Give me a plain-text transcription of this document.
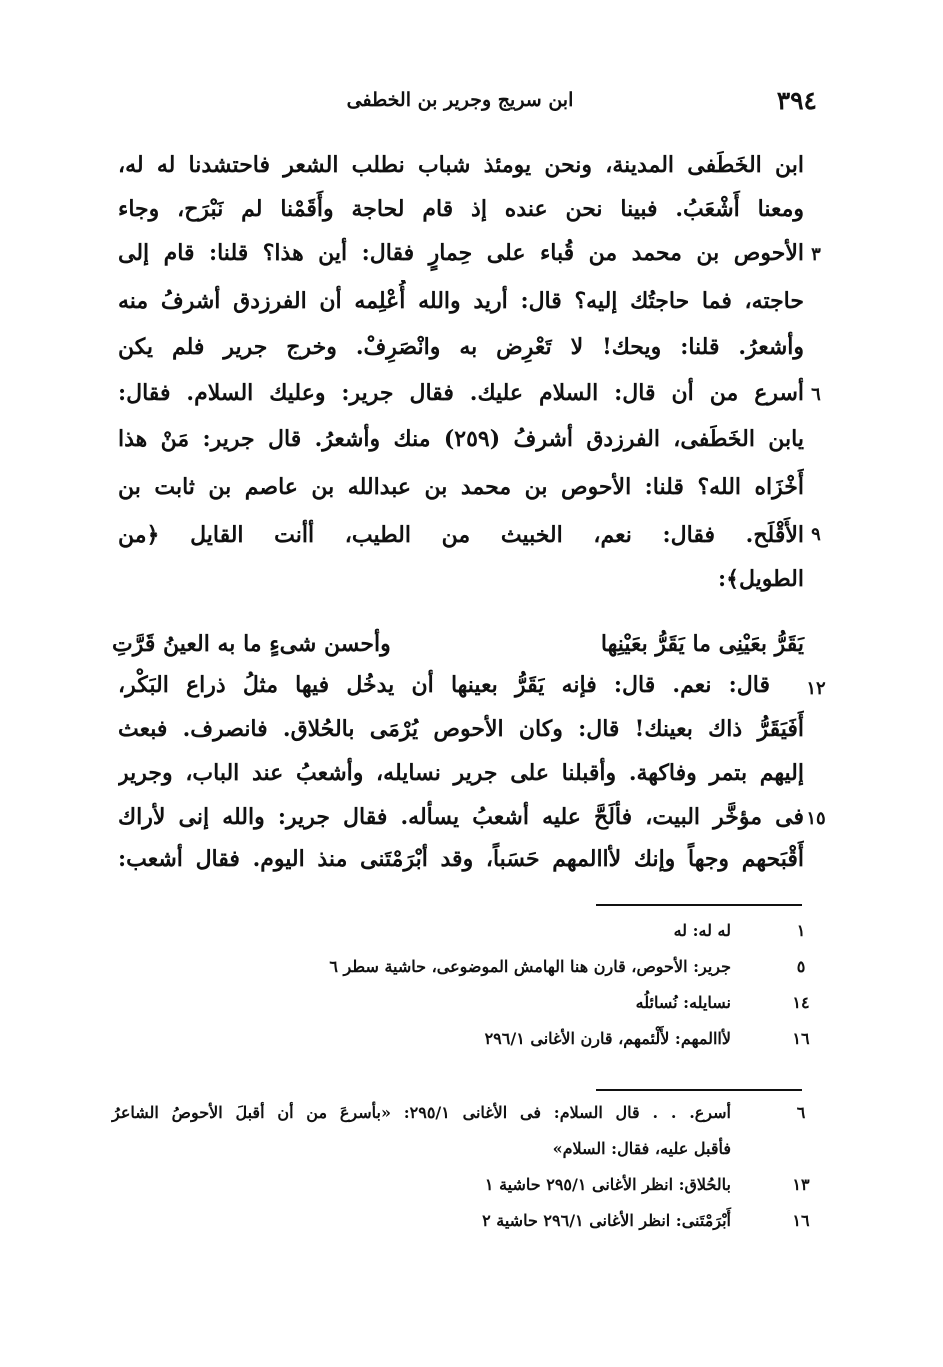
٣٩٤
ابن سريج وجرير بن الخطفى
ابن الخَطَفى المدينة، ونحن يومئذ شباب نطلب الشعر فاحتشدنا له له،
ومعنا أَشْعَبُ. فبينا نحن عنده إذ قام لحاجة وأَقَمْنا لم نَبْرَح، وجاء
الأحوص بن محمد من قُباء على حِمارٍ فقال: أين هذا؟ قلنا: قام إلى
حاجته، فما حاجتُك إليه؟ قال: أريد والله أُعْلِمه أن الفرزدق أشرفُ منه
وأشعرُ. قلنا: ويحك! لا تَعْرِض به وانْصَرِفْ. وخرج جرير فلم يكن
أسرع من أن قال: السلام عليك. فقال جرير: وعليك السلام. فقال:
يابن الخَطَفى، الفرزدق أشرفُ (٢٥٩) منك وأشعرُ. قال جرير: مَنْ هذا
أَخْزَاه الله؟ قلنا: الأحوص بن محمد بن عبدالله بن عاصم بن ثابت بن
الأَقْلَح. فقال: نعم، الخبيث من الطيب، أأنت القايل ﴿من
الطويل﴾:
يَقَرُّ بعَيْنِى ما يَقَرُّ بعَيْنِها
وأحسن شىءٍ ما به العينُ قَرَّتِ
قال: نعم. قال: فإنه يَقَرُّ بعينها أن يدخُل فيها مثلُ ذراع البَكْر،
أَفَيَقَرُّ ذاك بعينك! قال: وكان الأحوص يُرْمَى بالحُلاق. فانصرف. فبعث
إليهم بتمر وفاكهة. وأقبلنا على جرير نسايله، وأشعبُ عند الباب، وجرير
فى مؤخَّر البيت، فألَحَّ عليه أشعبُ يسأله. فقال جرير: والله إنى لأراك
أَقْبَحهم وجهاً وإنك لأاالمهم حَسَباً، وقد أبْرَمْتَنى منذ اليوم. فقال أشعب:
٣
٦
٩
١٢
١٥
١
له له: له
٥
جرير: الأحوص، قارن هنا الهامش الموضوعى، حاشية سطر ٦
١٤
نسايله: نُسائلُه
١٦
لأاالمهم: لأَلْئمهم، قارن الأغانى ٢٩٦/١
٦
أسرع. . . قال السلام: فى الأغانى ٢٩٥/١: «بأسرعَ من أن أقبلَ الأحوصُ الشاعرُ
فأقبل عليه، فقال: السلام»
١٣
بالحُلاق: انظر الأغانى ٢٩٥/١ حاشية ١
١٦
أَبْرَمْتَنى: انظر الأغانى ٢٩٦/١ حاشية ٢
